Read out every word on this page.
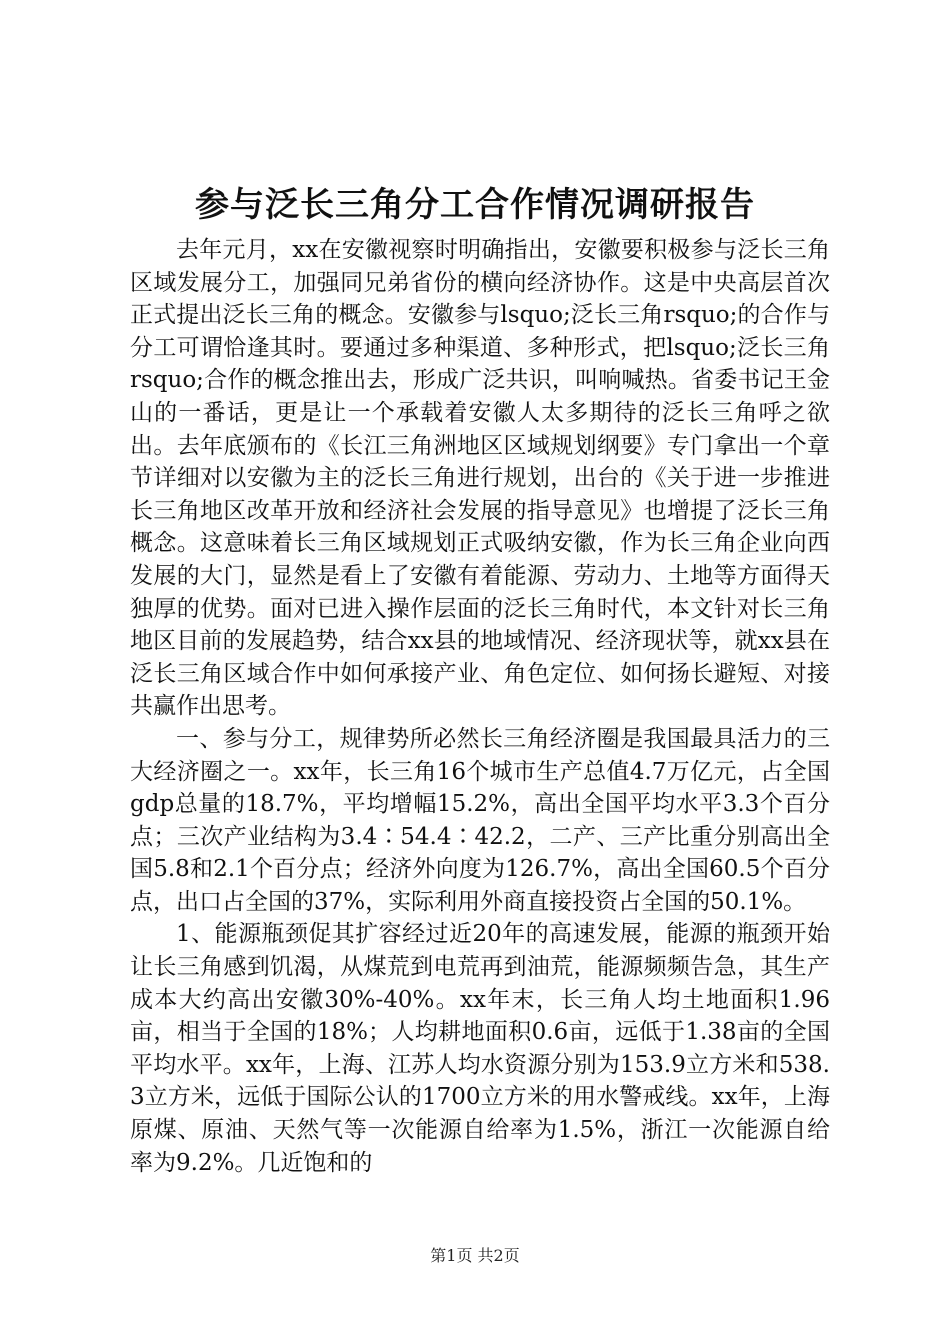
参与泛长三角分工合作情况调研报告

去年元月，xx在安徽视察时明确指出，安徽要积极参与泛长三角区域发展分工，加强同兄弟省份的横向经济协作。这是中央高层首次正式提出泛长三角的概念。安徽参与lsquo;泛长三角rsquo;的合作与分工可谓恰逢其时。要通过多种渠道、多种形式，把lsquo;泛长三角rsquo;合作的概念推出去，形成广泛共识，叫响喊热。省委书记王金山的一番话，更是让一个承载着安徽人太多期待的泛长三角呼之欲出。去年底颁布的《长江三角洲地区区域规划纲要》专门拿出一个章节详细对以安徽为主的泛长三角进行规划，出台的《关于进一步推进长三角地区改革开放和经济社会发展的指导意见》也增提了泛长三角概念。这意味着长三角区域规划正式吸纳安徽，作为长三角企业向西发展的大门，显然是看上了安徽有着能源、劳动力、土地等方面得天独厚的优势。面对已进入操作层面的泛长三角时代，本文针对长三角地区目前的发展趋势，结合xx县的地域情况、经济现状等，就xx县在泛长三角区域合作中如何承接产业、角色定位、如何扬长避短、对接共赢作出思考。

一、参与分工，规律势所必然长三角经济圈是我国最具活力的三大经济圈之一。xx年，长三角16个城市生产总值4.7万亿元，占全国gdp总量的18.7%，平均增幅15.2%，高出全国平均水平3.3个百分点；三次产业结构为3.4∶54.4∶42.2，二产、三产比重分别高出全国5.8和2.1个百分点；经济外向度为126.7%，高出全国60.5个百分点，出口占全国的37%，实际利用外商直接投资占全国的50.1%。

1、能源瓶颈促其扩容经过近20年的高速发展，能源的瓶颈开始让长三角感到饥渴，从煤荒到电荒再到油荒，能源频频告急，其生产成本大约高出安徽30%-40%。xx年末，长三角人均土地面积1.96亩，相当于全国的18%；人均耕地面积0.6亩，远低于1.38亩的全国平均水平。xx年，上海、江苏人均水资源分别为153.9立方米和538.3立方米，远低于国际公认的1700立方米的用水警戒线。xx年，上海原煤、原油、天然气等一次能源自给率为1.5%，浙江一次能源自给率为9.2%。几近饱和的

第1页 共2页
